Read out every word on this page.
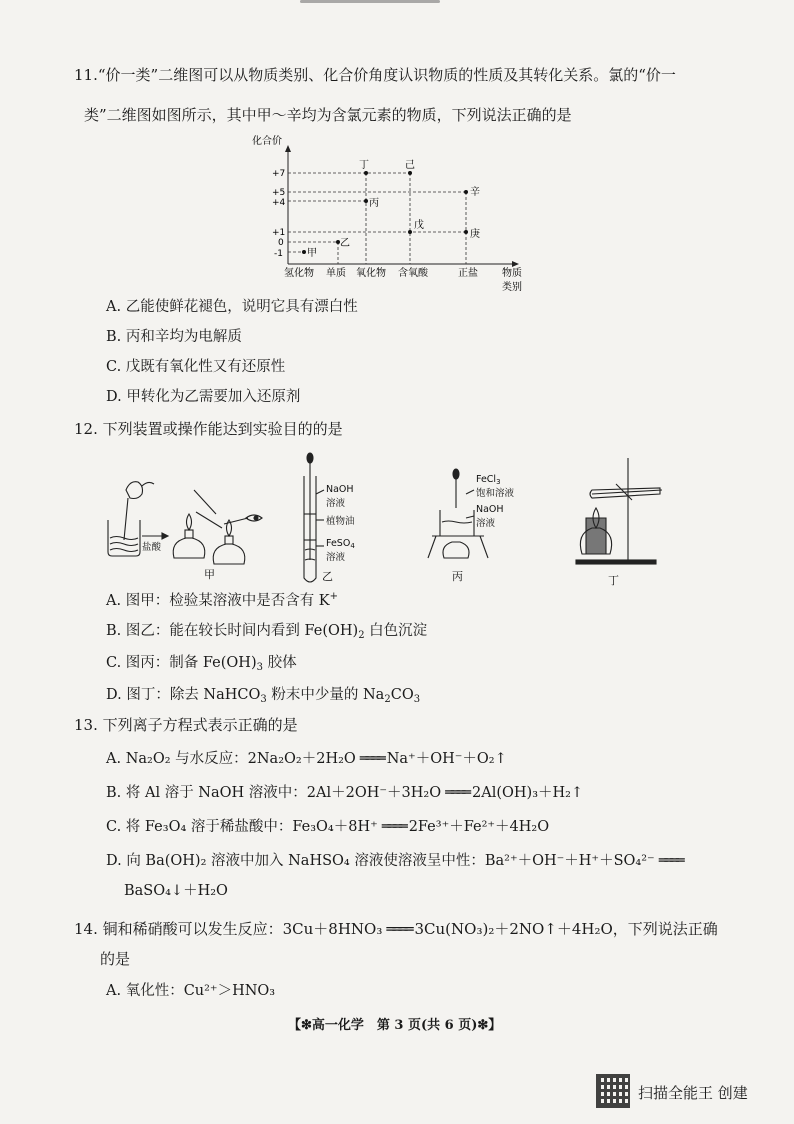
11.“价一类”二维图可以从物质类别、化合价角度认识物质的性质及其转化关系。氯的“价一
类”二维图如图所示，其中甲～辛均为含氯元素的物质，下列说法正确的是
化合价
+7
+5
+4
+1
0
-1 甲
乙
丙
丁
戊
己
庚
辛
氢化物 单质 氧化物 含氧酸	正盐 物质
类别
A. 乙能使鲜花褪色，说明它具有漂白性
B. 丙和辛均为电解质
C. 戊既有氧化性又有还原性
D. 甲转化为乙需要加入还原剂
12. 下列装置或操作能达到实验目的的是
盐酸
NaOH
溶液
植物油
FeSO$_4$
溶液
FeCl$_3$
饱和溶液
NaOH
溶液
甲	乙	丙	丁
A. 图甲：检验某溶液中是否含有 K+
B. 图乙：能在较长时间内看到 $Fe(OH)_2$ 白色沉淀
C. 图丙：制备 $Fe(OH)_3$ 胶体
D. 图丁：除去 NaHCO$_3$ 粉末中少量的 $Na_2CO_3$
13. 下列离子方程式表示正确的是
A. Na₂O₂ 与水反应：2Na₂O₂＋2H₂O ════ Na⁺＋OH⁻＋O₂↑
B. 将 Al 溶于 NaOH 溶液中：2Al＋2OH⁻＋3H₂O ════ 2Al(OH)₃＋H₂↑
C. 将 Fe₃O₄ 溶于稀盐酸中：Fe₃O₄＋8H⁺ ════ 2Fe³⁺＋Fe²⁺＋4H₂O
D. 向 Ba(OH)₂ 溶液中加入 NaHSO₄ 溶液使溶液呈中性：Ba²⁺＋OH⁻＋H⁺＋SO₄²⁻ ════
BaSO₄↓＋H₂O
14. 铜和稀硝酸可以发生反应：3Cu＋8HNO₃ ════ 3Cu(NO₃)₂＋2NO↑＋4H₂O，下列说法正确
的是
A. 氧化性：Cu²⁺＞HNO₃
【❇高一化学　第 3 页(共 6 页)❇】
扫描全能王 创建
